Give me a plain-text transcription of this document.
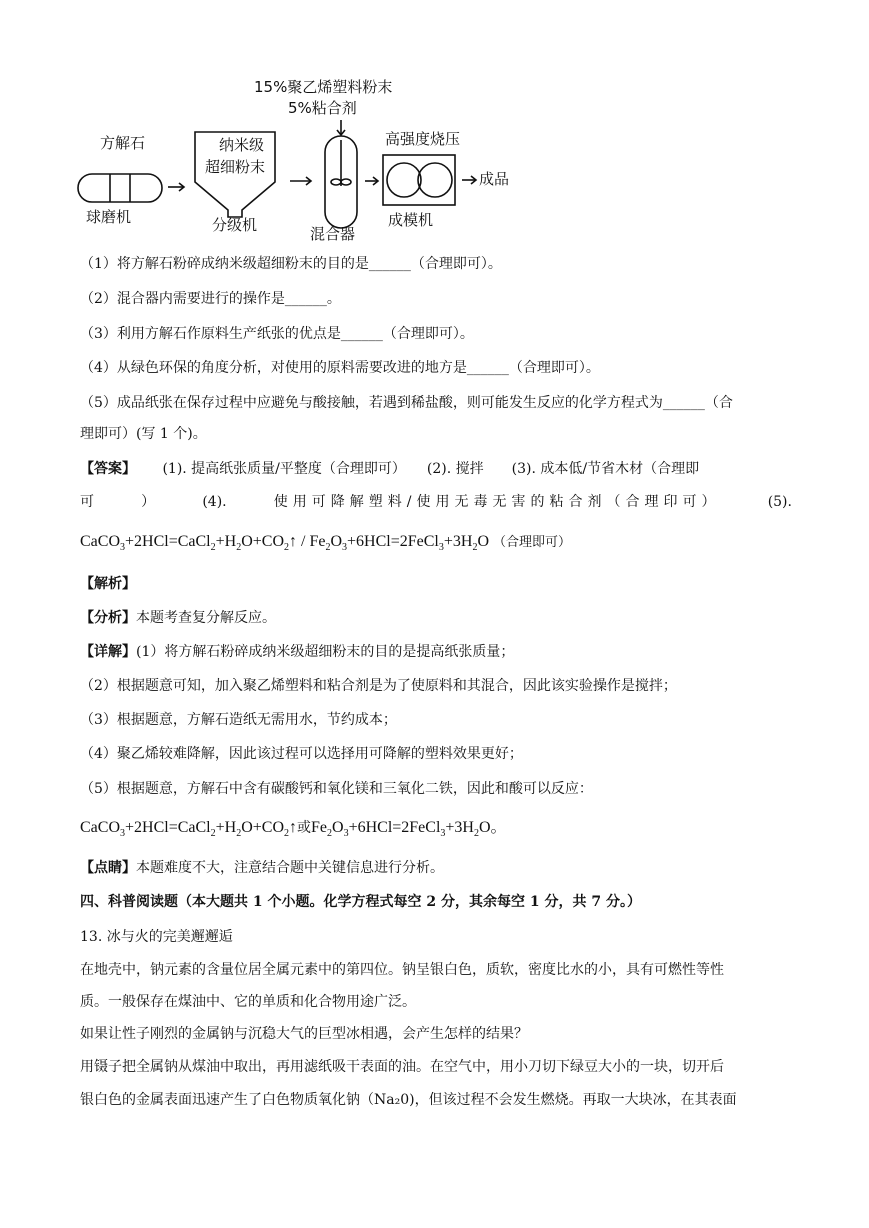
15%聚乙烯塑料粉末
5%粘合剂
方解石
球磨机
纳米级
超细粉末
分级机	混合器
高强度烧压
成模机
成品
（1）将方解石粉碎成纳米级超细粉末的目的是______（合理即可）。
（2）混合器内需要进行的操作是______。
（3）利用方解石作原料生产纸张的优点是______（合理即可）。
（4）从绿色环保的角度分析，对使用的原料需要改进的地方是______（合理即可）。
（5）成品纸张在保存过程中应避免与酸接触，若遇到稀盐酸，则可能发生反应的化学方程式为______（合
理即可）(写 1 个)。
【答案】 (1). 提高纸张质量/平整度（合理即可）　　(2). 搅拌　　(3). 成本低/节省木材（合理即
可	）	(4).	使用可降解塑料/使用无毒无害的粘合剂（合理印可）	(5).
$CaCO_3+2HCl=CaCl_2+H_2O+CO_2↑$ / $Fe_2O_3+6HCl=2FeCl_3+3H_2O$ （合理即可）
【解析】
【分析】本题考查复分解反应。
【详解】(1）将方解石粉碎成纳米级超细粉末的目的是提高纸张质量；
（2）根据题意可知，加入聚乙烯塑料和粘合剂是为了使原料和其混合，因此该实验操作是搅拌；
（3）根据题意，方解石造纸无需用水，节约成本；
（4）聚乙烯较难降解，因此该过程可以选择用可降解的塑料效果更好；
（5）根据题意，方解石中含有碳酸钙和氧化镁和三氧化二铁，因此和酸可以反应：
$CaCO_3+2HCl=CaCl_2+H_2O+CO_2↑$或$Fe_2O_3+6HCl=2FeCl_3+3H_2O$。
【点睛】本题难度不大，注意结合题中关键信息进行分析。
四、科普阅读题（本大题共 1 个小题。化学方程式每空 2 分，其余每空 1 分，共 7 分。）
13. 冰与火的完美邂邂逅
在地壳中，钠元素的含量位居全属元素中的第四位。钠呈银白色，质软，密度比水的小，具有可燃性等性
质。一般保存在煤油中、它的单质和化合物用途广泛。
如果让性子刚烈的金属钠与沉稳大气的巨型冰相遇，会产生怎样的结果？
用镊子把全属钠从煤油中取出，再用滤纸吸干表面的油。在空气中，用小刀切下绿豆大小的一块，切开后
银白色的金属表面迅速产生了白色物质氧化钠（Na₂0)，但该过程不会发生燃烧。再取一大块冰，在其表面
